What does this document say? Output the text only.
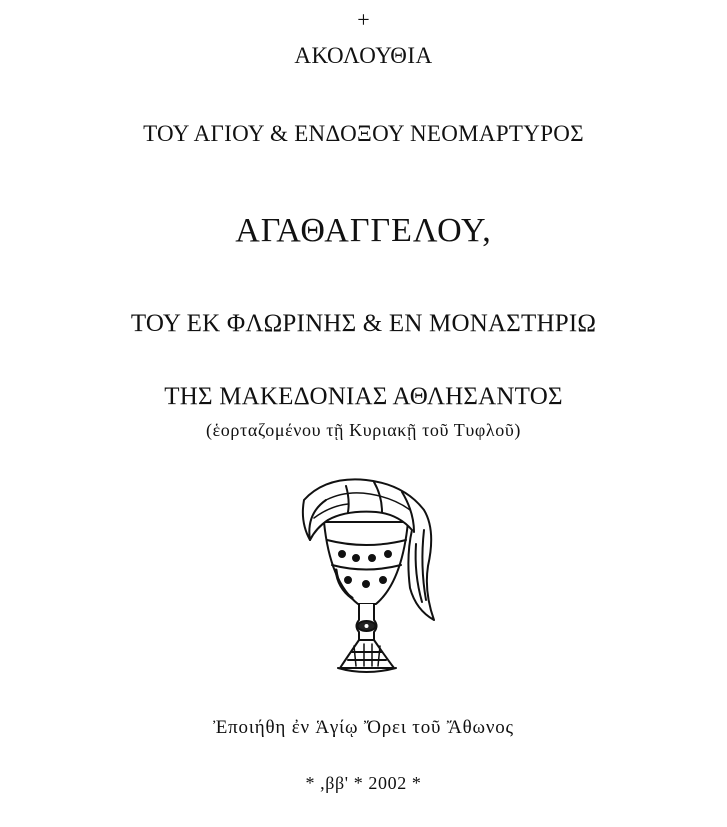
+
ΑΚΟΛΟΥΘΙΑ
ΤΟΥ ΑΓΙΟΥ & ΕΝΔΟΞΟΥ ΝΕΟΜΑΡΤΥΡΟΣ
ΑΓΑΘΑΓΓΕΛΟΥ,
ΤΟΥ ΕΚ ΦΛΩΡΙΝΗΣ & ΕΝ ΜΟΝΑΣΤΗΡΙΩ
ΤΗΣ ΜΑΚΕΔΟΝΙΑΣ ΑΘΛΗΣΑΝΤΟΣ
(ἑορταζομένου τῇ Κυριακῇ τοῦ Τυφλοῦ)
Ἐποιήθη ἐν Ἁγίῳ Ὄρει τοῦ Ἄθωνος
* ,ββ' * 2002 *
